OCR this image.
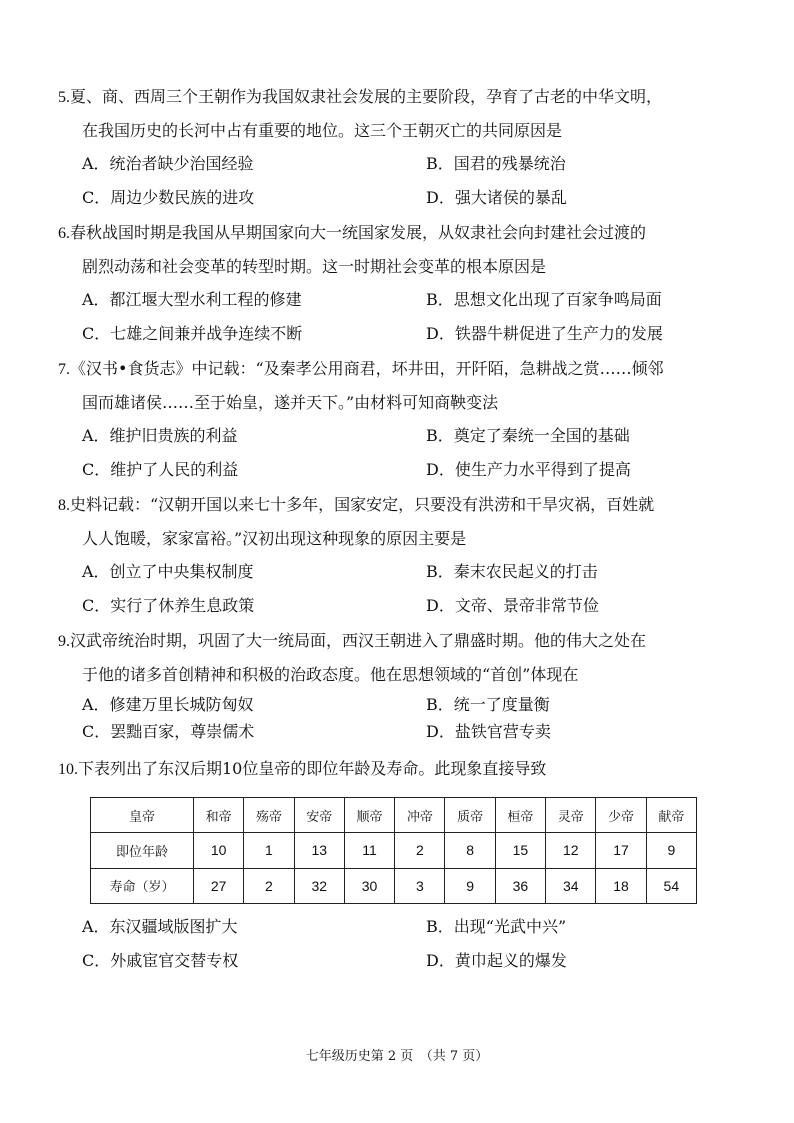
5.夏、商、西周三个王朝作为我国奴隶社会发展的主要阶段，孕育了古老的中华文明，

在我国历史的长河中占有重要的地位。这三个王朝灭亡的共同原因是

A．统治者缺少治国经验	B．国君的残暴统治
C．周边少数民族的进攻	D．强大诸侯的暴乱

6.春秋战国时期是我国从早期国家向大一统国家发展，从奴隶社会向封建社会过渡的

剧烈动荡和社会变革的转型时期。这一时期社会变革的根本原因是

A．都江堰大型水利工程的修建	B．思想文化出现了百家争鸣局面
C．七雄之间兼并战争连续不断	D．铁器牛耕促进了生产力的发展

7.《汉书•食货志》中记载：“及秦孝公用商君，坏井田，开阡陌，急耕战之赏……倾邻

国而雄诸侯……至于始皇，遂并天下。”由材料可知商鞅变法

A．维护旧贵族的利益	B．奠定了秦统一全国的基础
C．维护了人民的利益	D．使生产力水平得到了提高

8.史料记载：“汉朝开国以来七十多年，国家安定，只要没有洪涝和干旱灾祸，百姓就

人人饱暖，家家富裕。”汉初出现这种现象的原因主要是

A．创立了中央集权制度	B．秦末农民起义的打击
C．实行了休养生息政策	D．文帝、景帝非常节俭

9.汉武帝统治时期，巩固了大一统局面，西汉王朝进入了鼎盛时期。他的伟大之处在

于他的诸多首创精神和积极的治政态度。他在思想领域的“首创”体现在

A．修建万里长城防匈奴	B．统一了度量衡
C．罢黜百家，尊崇儒术	D．盐铁官营专卖

10.下表列出了东汉后期10位皇帝的即位年龄及寿命。此现象直接导致

皇帝	和帝	殇帝	安帝	顺帝	冲帝	质帝	桓帝	灵帝	少帝	献帝
即位年龄	10	1	13	11	2	8	15	12	17	9
寿命（岁）	27	2	32	30	3	9	36	34	18	54
A．东汉疆域版图扩大	B．出现“光武中兴”
C．外戚宦官交替专权	D．黄巾起义的爆发
七年级历史第 2 页　（共 7 页）
